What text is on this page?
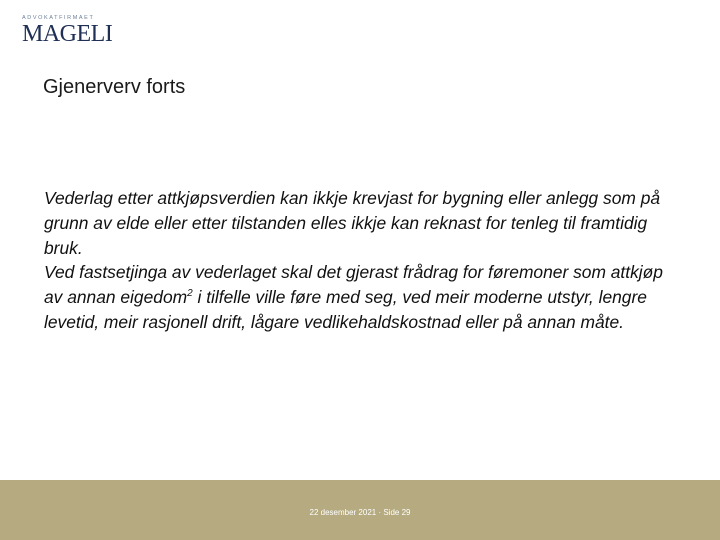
ADVOKATFIRMAET
MAGELI
Gjenerverv forts

Vederlag etter attkjøpsverdien kan ikkje krevjast for bygning eller anlegg som på grunn av elde eller etter tilstanden elles ikkje kan reknast for tenleg til framtidig bruk.

Ved fastsetjinga av vederlaget skal det gjerast frådrag for føremoner som attkjøp av annan eigedom$^2$ i tilfelle ville føre med seg, ved meir moderne utstyr, lengre levetid, meir rasjonell drift, lågare vedlikehaldskostnad eller på annan måte.

22 desember 2021 · Side 29
